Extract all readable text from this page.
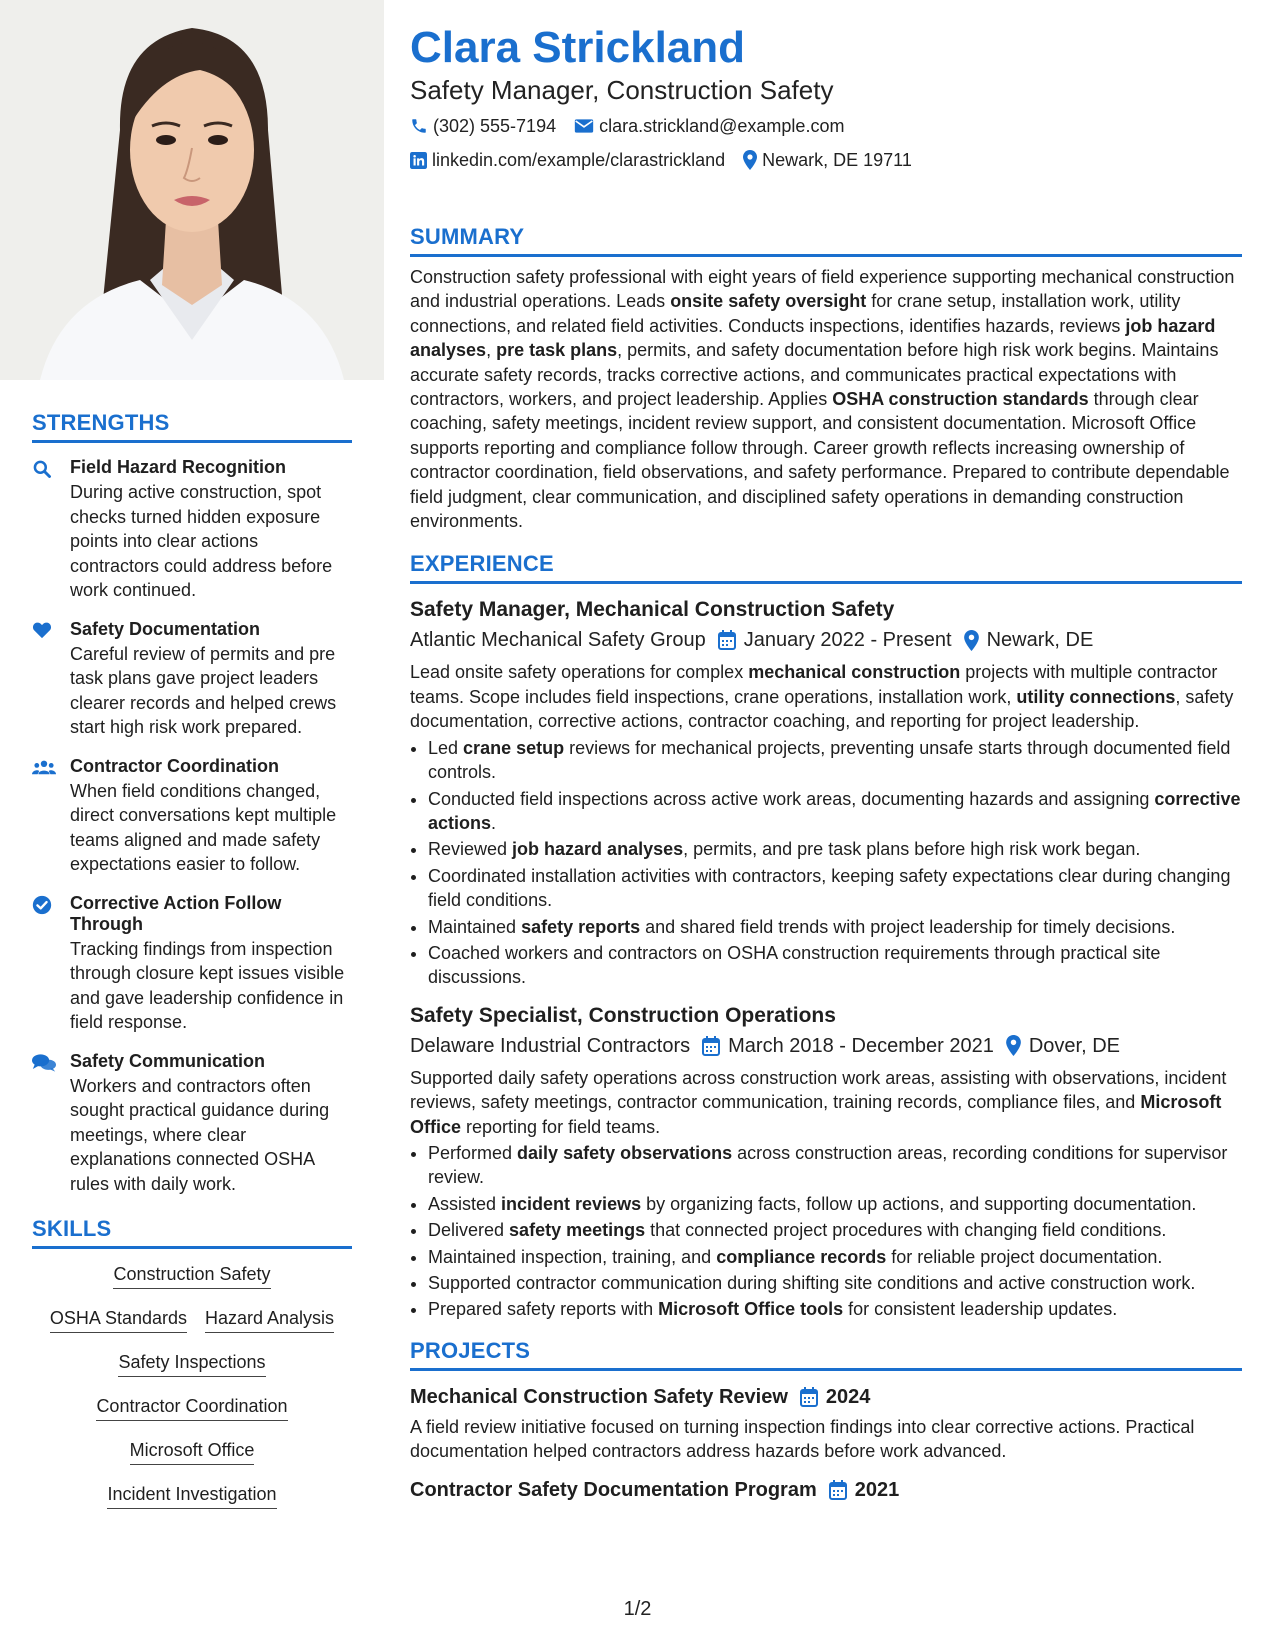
STRENGTHS
Field Hazard Recognition
During active construction, spot checks turned hidden exposure points into clear actions contractors could address before work continued.
Safety Documentation
Careful review of permits and pre task plans gave project leaders clearer records and helped crews start high risk work prepared.
Contractor Coordination
When field conditions changed, direct conversations kept multiple teams aligned and made safety expectations easier to follow.
Corrective Action Follow Through
Tracking findings from inspection through closure kept issues visible and gave leadership confidence in field response.
Safety Communication
Workers and contractors often sought practical guidance during meetings, where clear explanations connected OSHA rules with daily work.
SKILLS
Construction Safety
OSHA Standards Hazard Analysis
Safety Inspections
Contractor Coordination
Microsoft Office
Incident Investigation
Clara Strickland
Safety Manager, Construction Safety
(302) 555-7194 clara.strickland@example.com
linkedin.com/example/clarastrickland Newark, DE 19711
SUMMARY

Construction safety professional with eight years of field experience supporting mechanical construction and industrial operations. Leads onsite safety oversight for crane setup, installation work, utility connections, and related field activities. Conducts inspections, identifies hazards, reviews job hazard analyses, pre task plans, permits, and safety documentation before high risk work begins. Maintains accurate safety records, tracks corrective actions, and communicates practical expectations with contractors, workers, and project leadership. Applies OSHA construction standards through clear coaching, safety meetings, incident review support, and consistent documentation. Microsoft Office supports reporting and compliance follow through. Career growth reflects increasing ownership of contractor coordination, field observations, and safety performance. Prepared to contribute dependable field judgment, clear communication, and disciplined safety operations in demanding construction environments.

EXPERIENCE
Safety Manager, Mechanical Construction Safety
Atlantic Mechanical Safety Group January 2022 - Present Newark, DE

Lead onsite safety operations for complex mechanical construction projects with multiple contractor teams. Scope includes field inspections, crane operations, installation work, utility connections, safety documentation, corrective actions, contractor coaching, and reporting for project leadership.

• Led crane setup reviews for mechanical projects, preventing unsafe starts through documented field controls.
• Conducted field inspections across active work areas, documenting hazards and assigning corrective actions.
• Reviewed job hazard analyses, permits, and pre task plans before high risk work began.
• Coordinated installation activities with contractors, keeping safety expectations clear during changing field conditions.
• Maintained safety reports and shared field trends with project leadership for timely decisions.
• Coached workers and contractors on OSHA construction requirements through practical site discussions.
Safety Specialist, Construction Operations
Delaware Industrial Contractors March 2018 - December 2021 Dover, DE

Supported daily safety operations across construction work areas, assisting with observations, incident reviews, safety meetings, contractor communication, training records, compliance files, and Microsoft Office reporting for field teams.

• Performed daily safety observations across construction areas, recording conditions for supervisor review.
• Assisted incident reviews by organizing facts, follow up actions, and supporting documentation.
• Delivered safety meetings that connected project procedures with changing field conditions.
• Maintained inspection, training, and compliance records for reliable project documentation.
• Supported contractor communication during shifting site conditions and active construction work.
• Prepared safety reports with Microsoft Office tools for consistent leadership updates.
PROJECTS
Mechanical Construction Safety Review 2024

A field review initiative focused on turning inspection findings into clear corrective actions. Practical documentation helped contractors address hazards before work advanced.

Contractor Safety Documentation Program 2021
1/2
